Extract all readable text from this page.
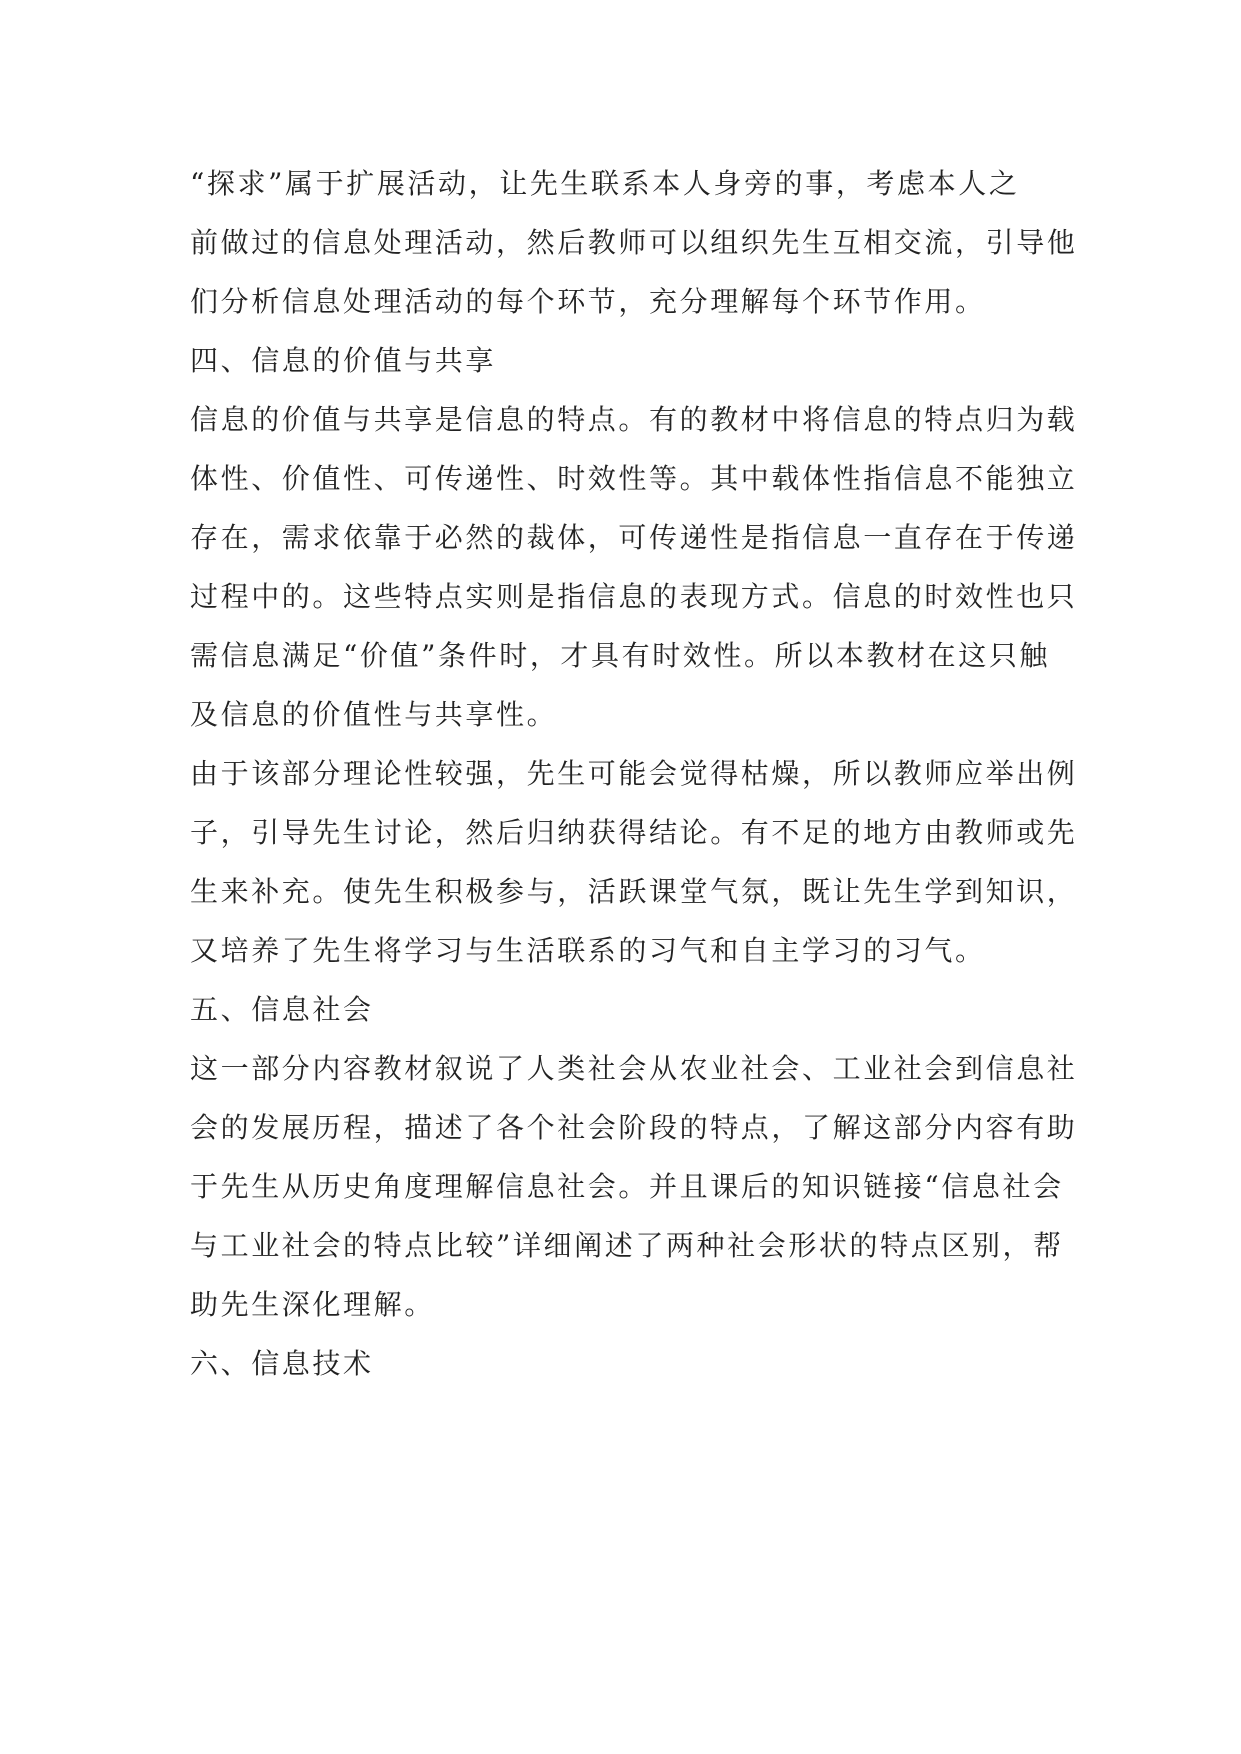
“探求”属于扩展活动，让先生联系本人身旁的事，考虑本人之
前做过的信息处理活动，然后教师可以组织先生互相交流，引导他
们分析信息处理活动的每个环节，充分理解每个环节作用。
四、信息的价值与共享
信息的价值与共享是信息的特点。有的教材中将信息的特点归为载
体性、价值性、可传递性、时效性等。其中载体性指信息不能独立
存在，需求依靠于必然的裁体，可传递性是指信息一直存在于传递
过程中的。这些特点实则是指信息的表现方式。信息的时效性也只
需信息满足“价值”条件时，才具有时效性。所以本教材在这只触
及信息的价值性与共享性。
由于该部分理论性较强，先生可能会觉得枯燥，所以教师应举出例
子，引导先生讨论，然后归纳获得结论。有不足的地方由教师或先
生来补充。使先生积极参与，活跃课堂气氛，既让先生学到知识，
又培养了先生将学习与生活联系的习气和自主学习的习气。
五、信息社会
这一部分内容教材叙说了人类社会从农业社会、工业社会到信息社
会的发展历程，描述了各个社会阶段的特点，了解这部分内容有助
于先生从历史角度理解信息社会。并且课后的知识链接“信息社会
与工业社会的特点比较”详细阐述了两种社会形状的特点区别，帮
助先生深化理解。
六、信息技术
